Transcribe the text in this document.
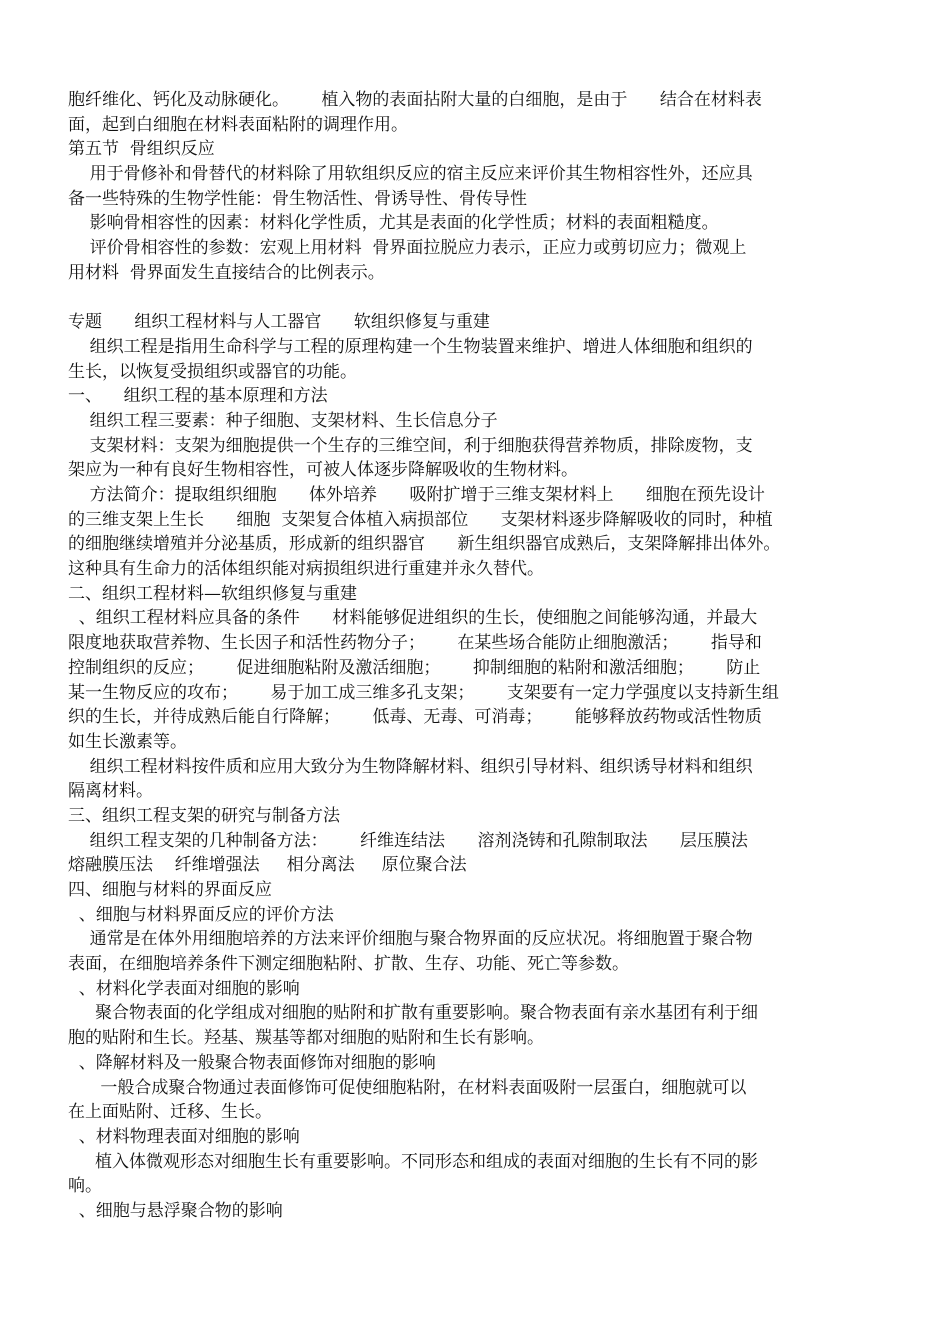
胞纤维化、钙化及动脉硬化。      植入物的表面拈附大量的白细胞，是由于      结合在材料表
面，起到白细胞在材料表面粘附的调理作用。
第五节  骨组织反应
用于骨修补和骨替代的材料除了用软组织反应的宿主反应来评价其生物相容性外，还应具
备一些特殊的生物学性能：骨生物活性、骨诱导性、骨传导性
影响骨相容性的因素：材料化学性质，尤其是表面的化学性质；材料的表面粗糙度。
评价骨相容性的参数：宏观上用材料  骨界面拉脱应力表示，正应力或剪切应力；微观上
用材料  骨界面发生直接结合的比例表示。
专题      组织工程材料与人工器官      软组织修复与重建
组织工程是指用生命科学与工程的原理构建一个生物装置来维护、增进人体细胞和组织的
生长，以恢复受损组织或器官的功能。
一、    组织工程的基本原理和方法
组织工程三要素：种子细胞、支架材料、生长信息分子
支架材料：支架为细胞提供一个生存的三维空间，利于细胞获得营养物质，排除废物，支
架应为一种有良好生物相容性，可被人体逐步降解吸收的生物材料。
方法简介：提取组织细胞      体外培养      吸附扩增于三维支架材料上      细胞在预先设计
的三维支架上生长      细胞  支架复合体植入病损部位      支架材料逐步降解吸收的同时，种植
的细胞继续增殖并分泌基质，形成新的组织器官      新生组织器官成熟后，支架降解排出体外。
这种具有生命力的活体组织能对病损组织进行重建并永久替代。
二、组织工程材料—软组织修复与重建
、组织工程材料应具备的条件      材料能够促进组织的生长，使细胞之间能够沟通，并最大
限度地获取营养物、生长因子和活性药物分子；      在某些场合能防止细胞激活；      指导和
控制组织的反应；      促进细胞粘附及激活细胞；      抑制细胞的粘附和激活细胞；      防止
某一生物反应的攻布；      易于加工成三维多孔支架；      支架要有一定力学强度以支持新生组
织的生长，并待成熟后能自行降解；      低毒、无毒、可消毒；      能够释放药物或活性物质
如生长激素等。
组织工程材料按件质和应用大致分为生物降解材料、组织引导材料、组织诱导材料和组织
隔离材料。
三、组织工程支架的研究与制备方法
组织工程支架的几种制备方法：      纤维连结法      溶剂浇铸和孔隙制取法      层压膜法
熔融膜压法    纤维增强法     相分离法     原位聚合法
四、细胞与材料的界面反应
、细胞与材料界面反应的评价方法
通常是在体外用细胞培养的方法来评价细胞与聚合物界面的反应状况。将细胞置于聚合物
表面，在细胞培养条件下测定细胞粘附、扩散、生存、功能、死亡等参数。
、材料化学表面对细胞的影响
聚合物表面的化学组成对细胞的贴附和扩散有重要影响。聚合物表面有亲水基团有利于细
胞的贴附和生长。羟基、羰基等都对细胞的贴附和生长有影响。
、降解材料及一般聚合物表面修饰对细胞的影响
一般合成聚合物通过表面修饰可促使细胞粘附，在材料表面吸附一层蛋白，细胞就可以
在上面贴附、迁移、生长。
、材料物理表面对细胞的影响
植入体微观形态对细胞生长有重要影响。不同形态和组成的表面对细胞的生长有不同的影
响。
、细胞与悬浮聚合物的影响
